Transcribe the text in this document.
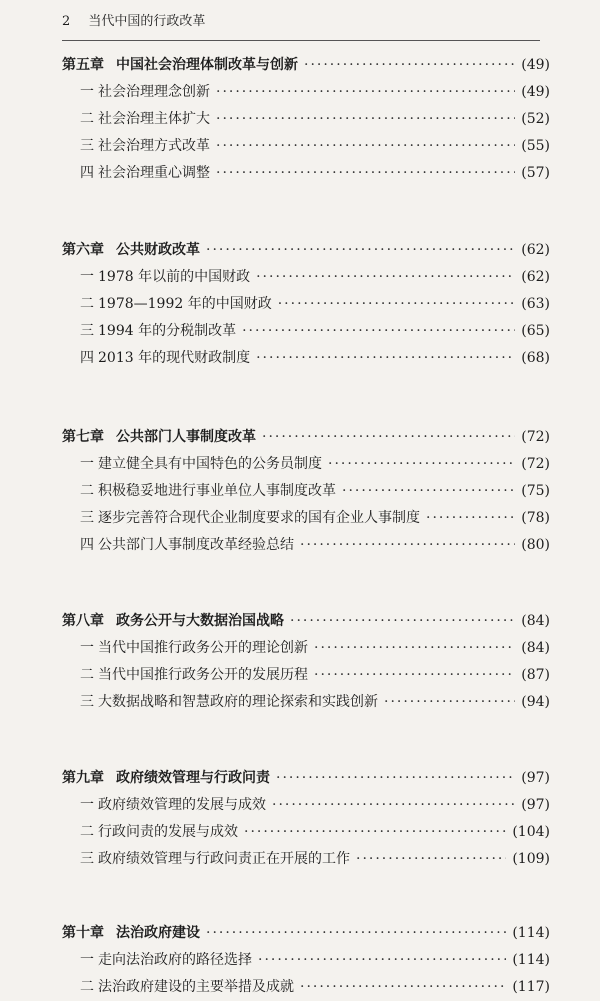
2 当代中国的行政改革
第五章 中国社会治理体制改革与创新 ·····	(49)
一 社会治理理念创新 ·····	(49)
二 社会治理主体扩大 ·····	(52)
三 社会治理方式改革 ·····	(55)
四 社会治理重心调整 ·····	(57)
第六章 公共财政改革 ·····	(62)
一 1978 年以前的中国财政 ·····	(62)
二 1978—1992 年的中国财政 ·····	(63)
三 1994 年的分税制改革 ·····	(65)
四 2013 年的现代财政制度 ·····	(68)
第七章 公共部门人事制度改革 ·····	(72)
一 建立健全具有中国特色的公务员制度 ·····	(72)
二 积极稳妥地进行事业单位人事制度改革 ·····	(75)
三 逐步完善符合现代企业制度要求的国有企业人事制度 ·····	(78)
四 公共部门人事制度改革经验总结 ·····	(80)
第八章 政务公开与大数据治国战略 ·····	(84)
一 当代中国推行政务公开的理论创新 ·····	(84)
二 当代中国推行政务公开的发展历程 ·····	(87)
三 大数据战略和智慧政府的理论探索和实践创新 ·····	(94)
第九章 政府绩效管理与行政问责 ·····	(97)
一 政府绩效管理的发展与成效 ·····	(97)
二 行政问责的发展与成效 ·····	(104)
三 政府绩效管理与行政问责正在开展的工作 ·····	(109)
第十章 法治政府建设 ·····	(114)
一 走向法治政府的路径选择 ·····	(114)
二 法治政府建设的主要举措及成就 ·····	(117)
